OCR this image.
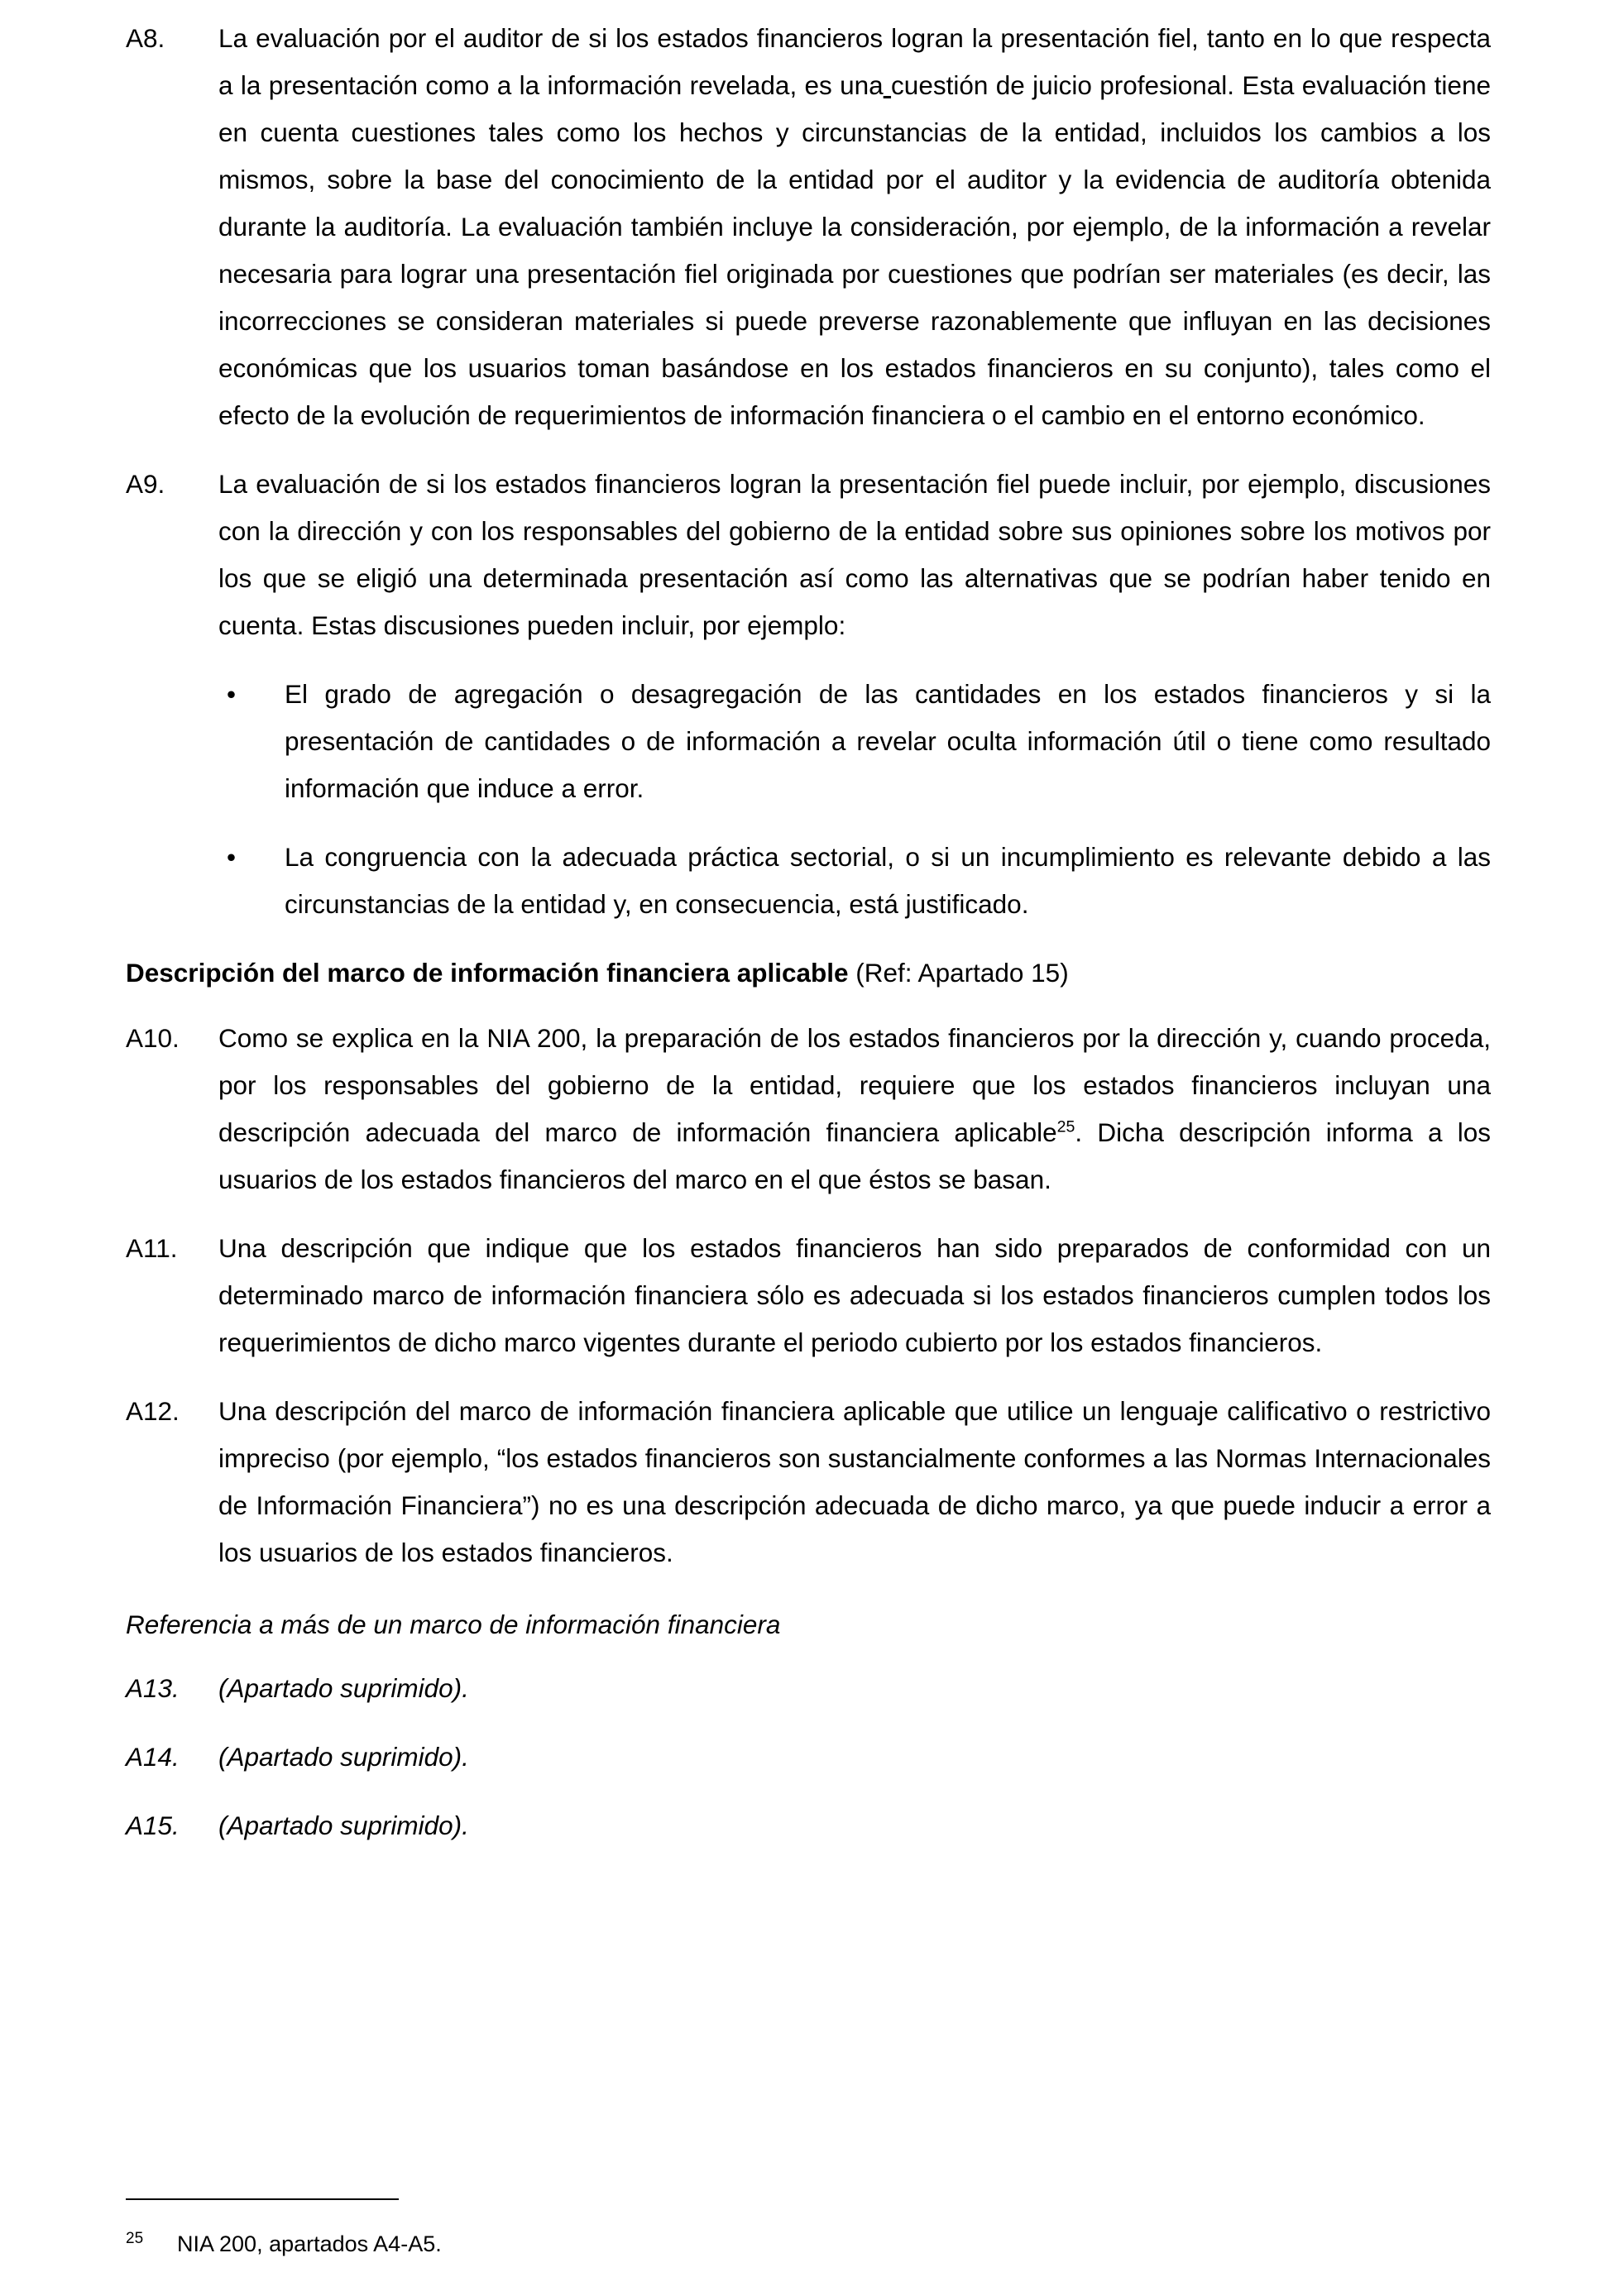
A8.	La evaluación por el auditor de si los estados financieros logran la presentación fiel, tanto en lo que respecta a la presentación como a la información revelada, es una cuestión de juicio profesional. Esta evaluación tiene en cuenta cuestiones tales como los hechos y circunstancias de la entidad, incluidos los cambios a los mismos, sobre la base del conocimiento de la entidad por el auditor y la evidencia de auditoría obtenida durante la auditoría. La evaluación también incluye la consideración, por ejemplo, de la información a revelar necesaria para lograr una presentación fiel originada por cuestiones que podrían ser materiales (es decir, las incorrecciones se consideran materiales si puede preverse razonablemente que influyan en las decisiones económicas que los usuarios toman basándose en los estados financieros en su conjunto), tales como el efecto de la evolución de requerimientos de información financiera o el cambio en el entorno económico.
A9.	La evaluación de si los estados financieros logran la presentación fiel puede incluir, por ejemplo, discusiones con la dirección y con los responsables del gobierno de la entidad sobre sus opiniones sobre los motivos por los que se eligió una determinada presentación así como las alternativas que se podrían haber tenido en cuenta. Estas discusiones pueden incluir, por ejemplo:
•	El grado de agregación o desagregación de las cantidades en los estados financieros y si la presentación de cantidades o de información a revelar oculta información útil o tiene como resultado información que induce a error.
•	La congruencia con la adecuada práctica sectorial, o si un incumplimiento es relevante debido a las circunstancias de la entidad y, en consecuencia, está justificado.
Descripción del marco de información financiera aplicable (Ref: Apartado 15)
A10.	Como se explica en la NIA 200, la preparación de los estados financieros por la dirección y, cuando proceda, por los responsables del gobierno de la entidad, requiere que los estados financieros incluyan una descripción adecuada del marco de información financiera aplicable$^{25}$. Dicha descripción informa a los usuarios de los estados financieros del marco en el que éstos se basan.
A11.	Una descripción que indique que los estados financieros han sido preparados de conformidad con un determinado marco de información financiera sólo es adecuada si los estados financieros cumplen todos los requerimientos de dicho marco vigentes durante el periodo cubierto por los estados financieros.
A12.	Una descripción del marco de información financiera aplicable que utilice un lenguaje calificativo o restrictivo impreciso (por ejemplo, “los estados financieros son sustancialmente conformes a las Normas Internacionales de Información Financiera”) no es una descripción adecuada de dicho marco, ya que puede inducir a error a los usuarios de los estados financieros.
Referencia a más de un marco de información financiera
A13.	(Apartado suprimido).
A14.	(Apartado suprimido).
A15.	(Apartado suprimido).
25	NIA 200, apartados A4-A5.
